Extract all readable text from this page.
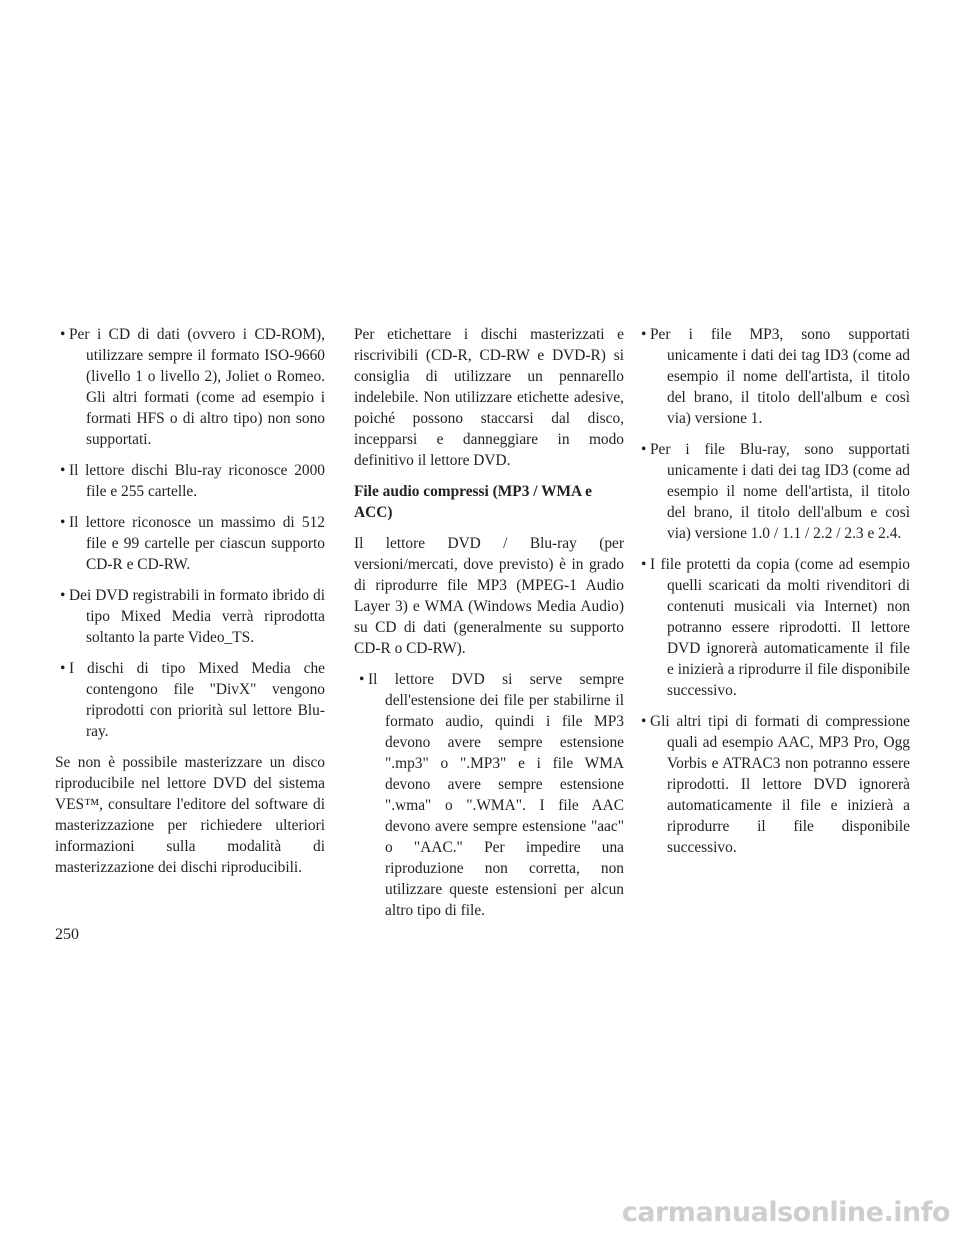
• Per i CD di dati (ovvero i CD-ROM), utilizzare sempre il formato ISO-9660 (livello 1 o livello 2), Joliet o Romeo. Gli altri formati (come ad esempio i formati HFS o di altro tipo) non sono supportati.
• Il lettore dischi Blu-ray riconosce 2000 file e 255 cartelle.
• Il lettore riconosce un massimo di 512 file e 99 cartelle per ciascun supporto CD-R e CD-RW.
• Dei DVD registrabili in formato ibrido di tipo Mixed Media verrà riprodotta soltanto la parte Video_TS.
• I dischi di tipo Mixed Media che contengono file "DivX" vengono riprodotti con priorità sul lettore Blu-ray.

Se non è possibile masterizzare un disco riproducibile nel lettore DVD del sistema VES™, consultare l'editore del software di masterizzazione per richiedere ulteriori informazioni sulla modalità di masterizzazione dei dischi riproducibili.

Per etichettare i dischi masterizzati e riscrivibili (CD-R, CD-RW e DVD-R) si consiglia di utilizzare un pennarello indelebile. Non utilizzare etichette adesive, poiché possono staccarsi dal disco, incepparsi e danneggiare in modo definitivo il lettore DVD.

File audio compressi (MP3 / WMA e ACC)

Il lettore DVD / Blu-ray (per versioni/mercati, dove previsto) è in grado di riprodurre file MP3 (MPEG-1 Audio Layer 3) e WMA (Windows Media Audio) su CD di dati (generalmente su supporto CD-R o CD-RW).

• Il lettore DVD si serve sempre dell'estensione dei file per stabilirne il formato audio, quindi i file MP3 devono avere sempre estensione ".mp3" o ".MP3" e i file WMA devono avere sempre estensione ".wma" o ".WMA". I file AAC devono avere sempre estensione "aac" o "AAC." Per impedire una riproduzione non corretta, non utilizzare queste estensioni per alcun altro tipo di file.
• Per i file MP3, sono supportati unicamente i dati dei tag ID3 (come ad esempio il nome dell'artista, il titolo del brano, il titolo dell'album e così via) versione 1.
• Per i file Blu-ray, sono supportati unicamente i dati dei tag ID3 (come ad esempio il nome dell'artista, il titolo del brano, il titolo dell'album e così via) versione 1.0 / 1.1 / 2.2 / 2.3 e 2.4.
• I file protetti da copia (come ad esempio quelli scaricati da molti rivenditori di contenuti musicali via Internet) non potranno essere riprodotti. Il lettore DVD ignorerà automaticamente il file e inizierà a riprodurre il file disponibile successivo.
• Gli altri tipi di formati di compressione quali ad esempio AAC, MP3 Pro, Ogg Vorbis e ATRAC3 non potranno essere riprodotti. Il lettore DVD ignorerà automaticamente il file e inizierà a riprodurre il file disponibile successivo.
250
carmanualsonline.info
